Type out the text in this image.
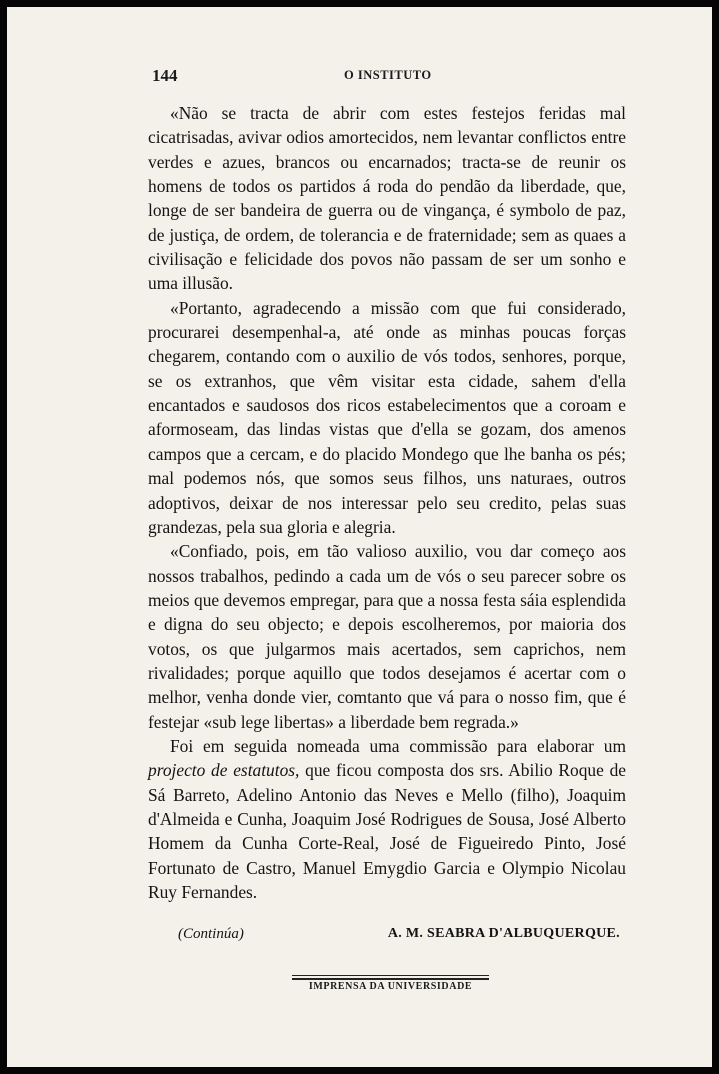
144	O INSTITUTO

«Não se tracta de abrir com estes festejos feridas mal cicatrisadas, avivar odios amortecidos, nem levantar conflictos entre verdes e azues, brancos ou encarnados; tracta-se de reunir os homens de todos os partidos á roda do pendão da liberdade, que, longe de ser bandeira de guerra ou de vingança, é symbolo de paz, de justiça, de ordem, de tolerancia e de fraternidade; sem as quaes a civilisação e felicidade dos povos não passam de ser um sonho e uma illusão.

«Portanto, agradecendo a missão com que fui considerado, procurarei desempenhal-a, até onde as minhas poucas forças chegarem, contando com o auxilio de vós todos, senhores, porque, se os extranhos, que vêm visitar esta cidade, sahem d'ella encantados e saudosos dos ricos estabelecimentos que a coroam e aformoseam, das lindas vistas que d'ella se gozam, dos amenos campos que a cercam, e do placido Mondego que lhe banha os pés; mal podemos nós, que somos seus filhos, uns naturaes, outros adoptivos, deixar de nos interessar pelo seu credito, pelas suas grandezas, pela sua gloria e alegria.

«Confiado, pois, em tão valioso auxilio, vou dar começo aos nossos trabalhos, pedindo a cada um de vós o seu parecer sobre os meios que devemos empregar, para que a nossa festa sáia esplendida e digna do seu objecto; e depois escolheremos, por maioria dos votos, os que julgarmos mais acertados, sem caprichos, nem rivalidades; porque aquillo que todos desejamos é acertar com o melhor, venha donde vier, comtanto que vá para o nosso fim, que é festejar «sub lege libertas» a liberdade bem regrada.»

Foi em seguida nomeada uma commissão para elaborar um projecto de estatutos, que ficou composta dos srs. Abilio Roque de Sá Barreto, Adelino Antonio das Neves e Mello (filho), Joaquim d'Almeida e Cunha, Joaquim José Rodrigues de Sousa, José Alberto Homem da Cunha Corte-Real, José de Figueiredo Pinto, José Fortunato de Castro, Manuel Emygdio Garcia e Olympio Nicolau Ruy Fernandes.

(Continúa)	A. M. SEABRA D'ALBUQUERQUE.
IMPRENSA DA UNIVERSIDADE
